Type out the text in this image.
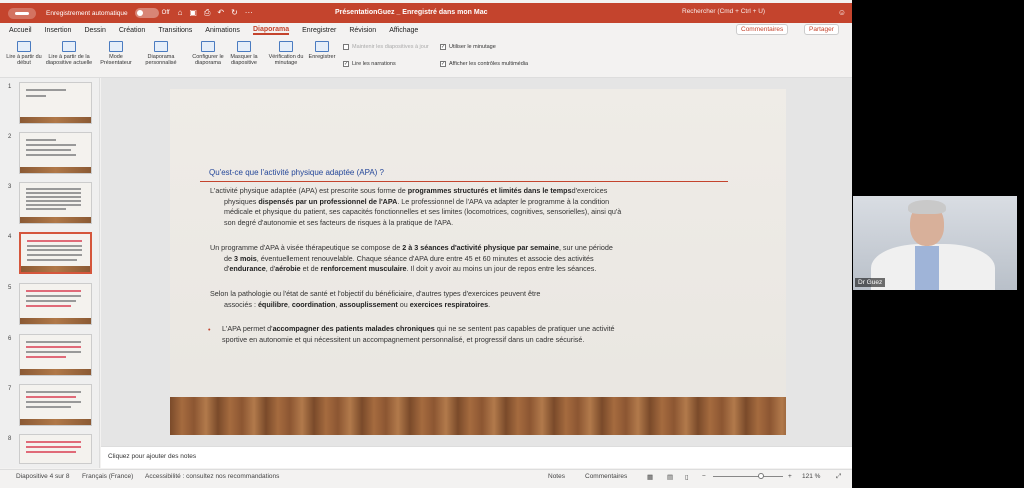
Enregistrement automatique	Off ⌂ ▣ ⎙ ↶ ↻ ···	PrésentationGuez _ Enregistré dans mon Mac	Rechercher (Cmd + Ctrl + U)	☺
Accueil Insertion Dessin Création Transitions Animations Diaporama Enregistrer Révision Affichage	Commentaires	Partager
Lire à partir du début
Lire à partir de la diapositive actuelle
Mode Présentateur
Diaporama personnalisé
Configurer le diaporama
Masquer la diapositive
Vérification du minutage
Enregistrer
Maintenir les diapositives à jour
✓ Lire les narrations
✓ Utiliser le minutage
✓ Afficher les contrôles multimédia
1
2
3
4
5
6
7
8
Qu'est-ce que l'activité physique adaptée (APA) ?
L'activité physique adaptée (APA) est prescrite sous forme de programmes structurés et limités dans le tempsd'exercices
physiques dispensés par un professionnel de l'APA. Le professionnel de l'APA va adapter le programme à la condition
médicale et physique du patient, ses capacités fonctionnelles et ses limites (locomotrices, cognitives, sensorielles), ainsi qu'à
son degré d'autonomie et ses facteurs de risques à la pratique de l'APA.
Un programme d'APA à visée thérapeutique se compose de 2 à 3 séances d'activité physique par semaine, sur une période
de 3 mois, éventuellement renouvelable. Chaque séance d'APA dure entre 45 et 60 minutes et associe des activités
d'endurance, d'aérobie et de renforcement musculaire. Il doit y avoir au moins un jour de repos entre les séances.
Selon la pathologie ou l'état de santé et l'objectif du bénéficiaire, d'autres types d'exercices peuvent être
associés : équilibre, coordination, assouplissement ou exercices respiratoires.
• L'APA permet d'accompagner des patients malades chroniques qui ne se sentent pas capables de pratiquer une activité
sportive en autonomie et qui nécessitent un accompagnement personnalisé, et progressif dans un cadre sécurisé.
Cliquez pour ajouter des notes
Diapositive 4 sur 8 Français (France) Accessibilité : consultez nos recommandations	Notes	Commentaires	▦ ▤ ▯ −	+ 121 % ⤢
Dr Guez
